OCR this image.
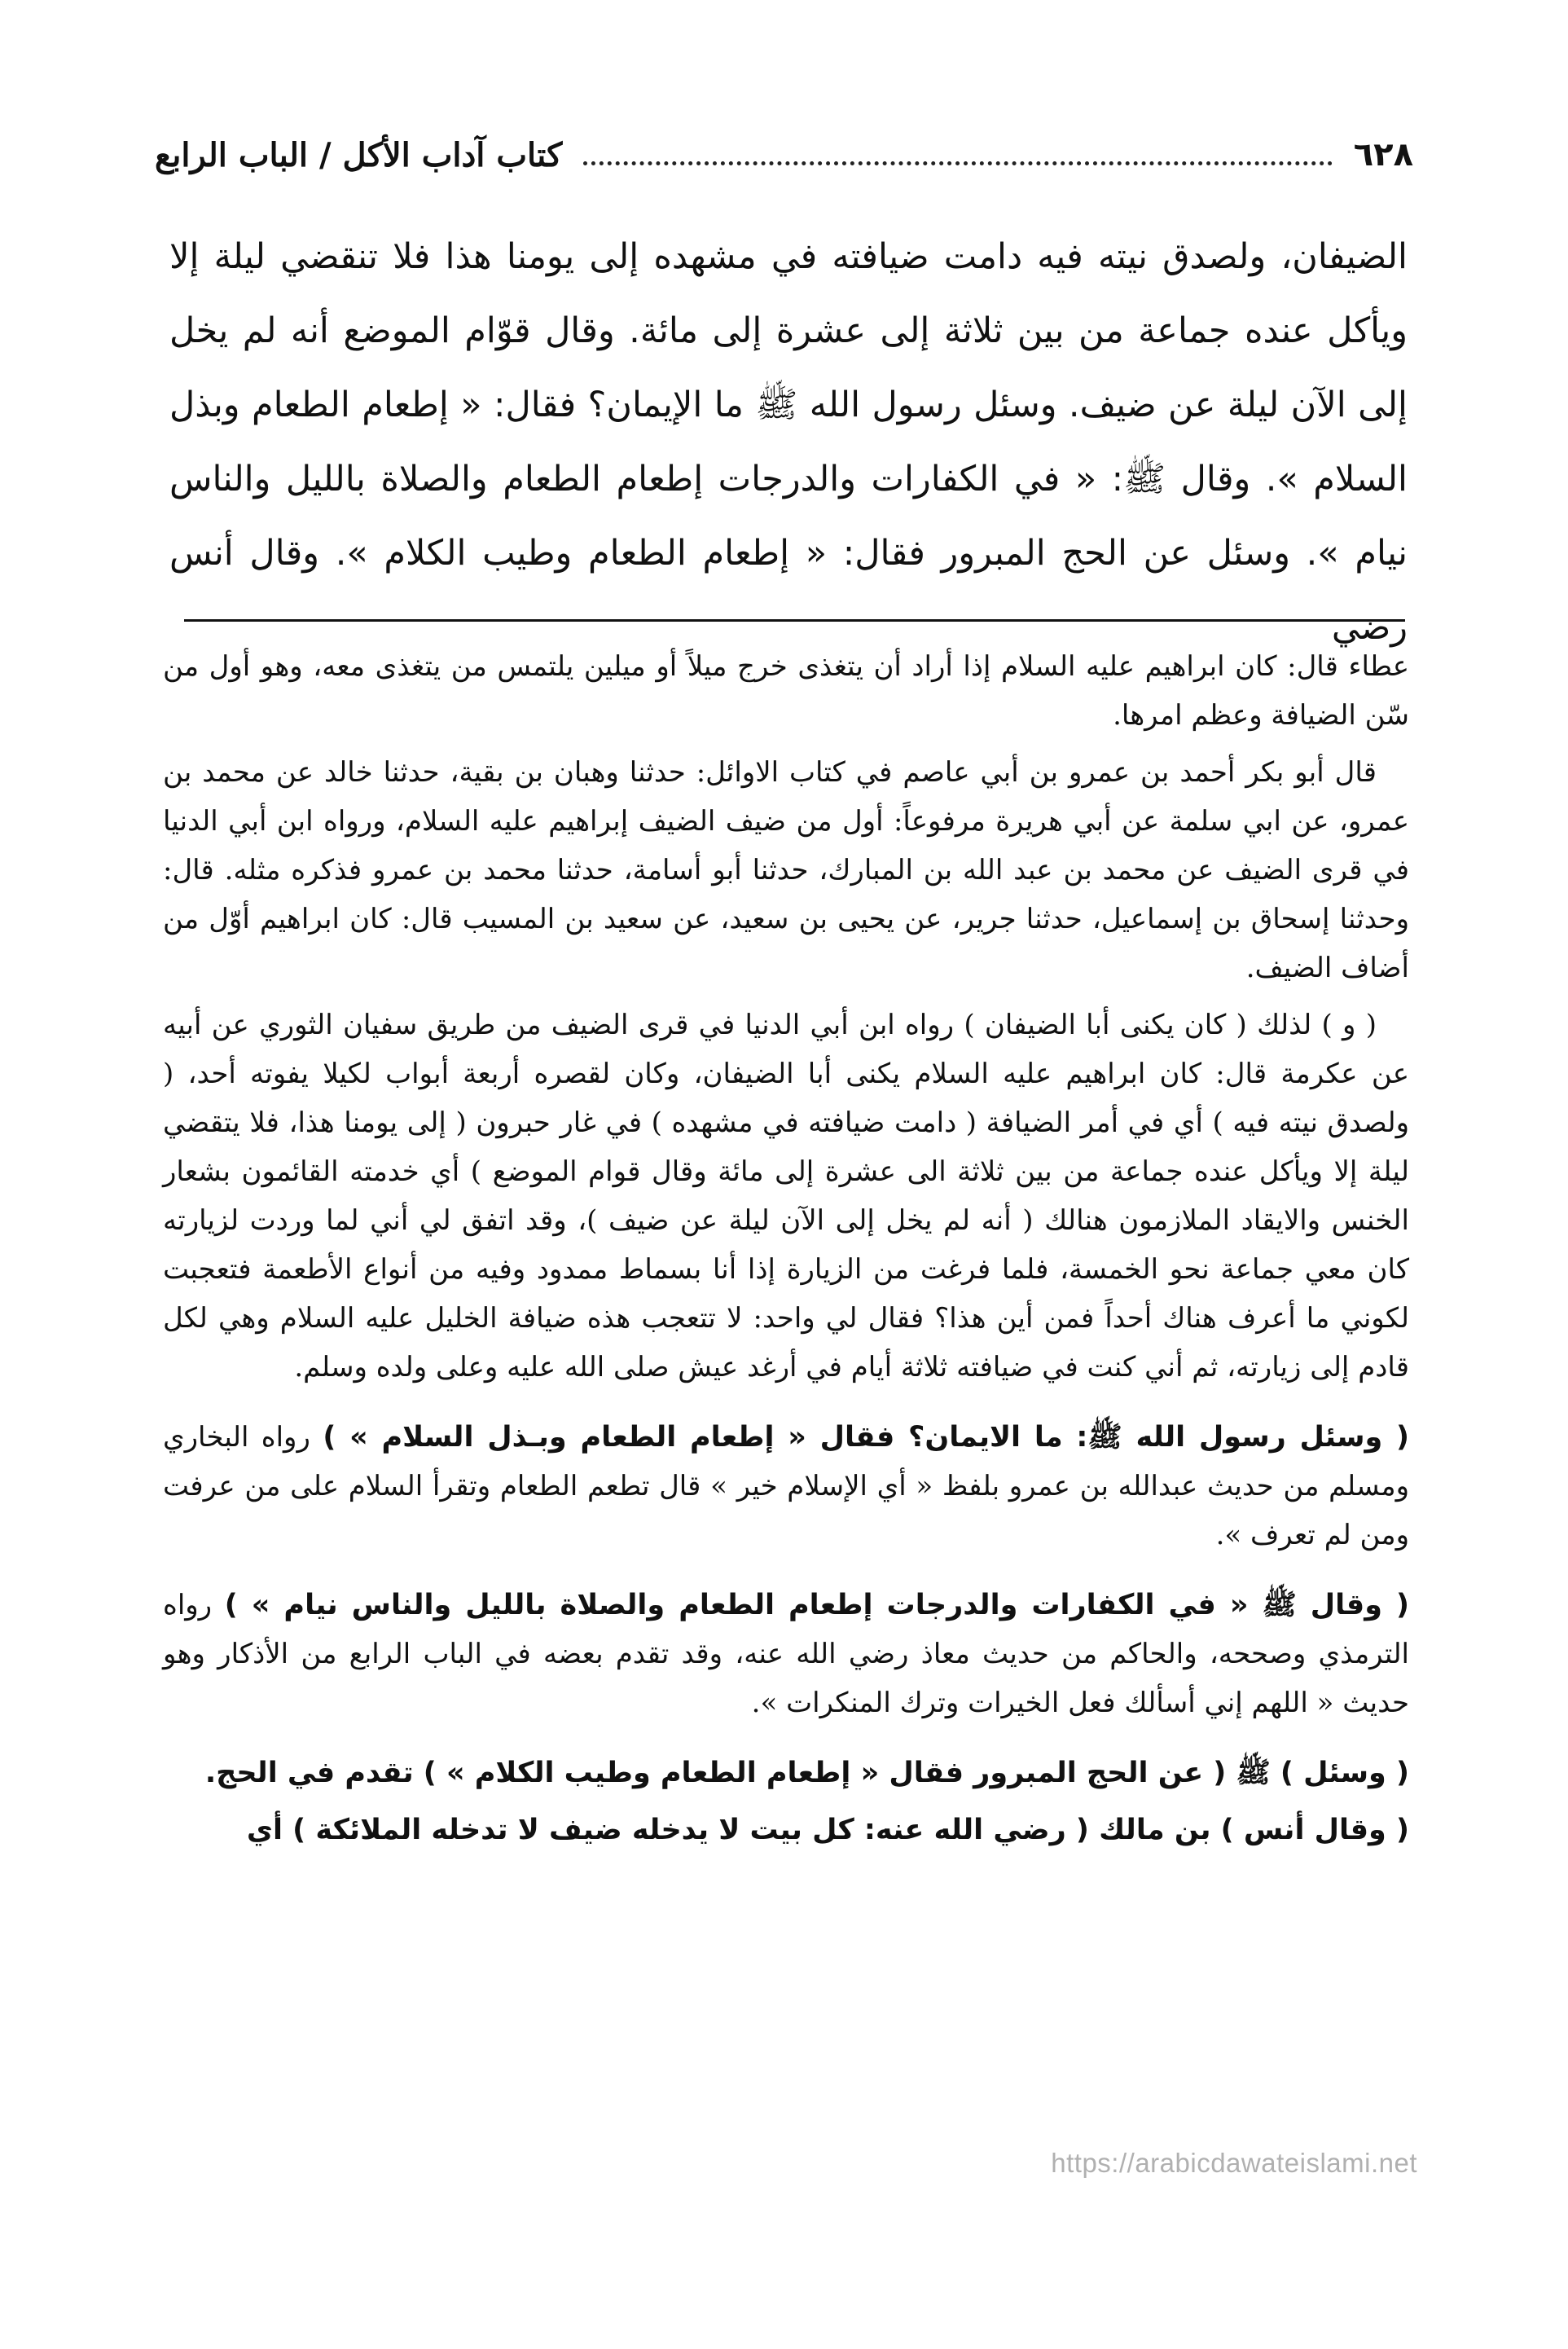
٦٢٨
كتاب آداب الأكل / الباب الرابع

الضيفان، ولصدق نيته فيه دامت ضيافته في مشهده إلى يومنا هذا فلا تنقضي ليلة إلا ويأكل عنده جماعة من بين ثلاثة إلى عشرة إلى مائة. وقال قوّام الموضع أنه لم يخل إلى الآن ليلة عن ضيف. وسئل رسول الله ﷺ ما الإيمان؟ فقال: « إطعام الطعام وبذل السلام ». وقال ﷺ: « في الكفارات والدرجات إطعام الطعام والصلاة بالليل والناس نيام ». وسئل عن الحج المبرور فقال: « إطعام الطعام وطيب الكلام ». وقال أنس رضي

عطاء قال: كان ابراهيم عليه السلام إذا أراد أن يتغذى خرج ميلاً أو ميلين يلتمس من يتغذى معه، وهو أول من سّن الضيافة وعظم امرها.

قال أبو بكر أحمد بن عمرو بن أبي عاصم في كتاب الاوائل: حدثنا وهبان بن بقية، حدثنا خالد عن محمد بن عمرو، عن ابي سلمة عن أبي هريرة مرفوعاً: أول من ضيف الضيف إبراهيم عليه السلام، ورواه ابن أبي الدنيا في قرى الضيف عن محمد بن عبد الله بن المبارك، حدثنا أبو أسامة، حدثنا محمد بن عمرو فذكره مثله. قال: وحدثنا إسحاق بن إسماعيل، حدثنا جرير، عن يحيى بن سعيد، عن سعيد بن المسيب قال: كان ابراهيم أوّل من أضاف الضيف.

( و ) لذلك ( كان يكنى أبا الضيفان ) رواه ابن أبي الدنيا في قرى الضيف من طريق سفيان الثوري عن أبيه عن عكرمة قال: كان ابراهيم عليه السلام يكنى أبا الضيفان، وكان لقصره أربعة أبواب لكيلا يفوته أحد، ( ولصدق نيته فيه ) أي في أمر الضيافة ( دامت ضيافته في مشهده ) في غار حبرون ( إلى يومنا هذا، فلا يتقضي ليلة إلا ويأكل عنده جماعة من بين ثلاثة الى عشرة إلى مائة وقال قوام الموضع ) أي خدمته القائمون بشعار الخنس والايقاد الملازمون هنالك ( أنه لم يخل إلى الآن ليلة عن ضيف )، وقد اتفق لي أني لما وردت لزيارته كان معي جماعة نحو الخمسة، فلما فرغت من الزيارة إذا أنا بسماط ممدود وفيه من أنواع الأطعمة فتعجبت لكوني ما أعرف هناك أحداً فمن أين هذا؟ فقال لي واحد: لا تتعجب هذه ضيافة الخليل عليه السلام وهي لكل قادم إلى زيارته، ثم أني كنت في ضيافته ثلاثة أيام في أرغد عيش صلى الله عليه وعلى ولده وسلم.

( وسئل رسول الله ﷺ: ما الايمان؟ فقال « إطعام الطعام وبـذل السلام » ) رواه البخاري ومسلم من حديث عبدالله بن عمرو بلفظ « أي الإسلام خير » قال تطعم الطعام وتقرأ السلام على من عرفت ومن لم تعرف ».

( وقال ﷺ « في الكفارات والدرجات إطعام الطعام والصلاة بالليل والناس نيام » ) رواه الترمذي وصححه، والحاكم من حديث معاذ رضي الله عنه، وقد تقدم بعضه في الباب الرابع من الأذكار وهو حديث « اللهم إني أسألك فعل الخيرات وترك المنكرات ».

( وسئل ) ﷺ ( عن الحج المبرور فقال « إطعام الطعام وطيب الكلام » ) تقدم في الحج.

( وقال أنس ) بن مالك ( رضي الله عنه: كل بيت لا يدخله ضيف لا تدخله الملائكة ) أي

https://arabicdawateislami.net
